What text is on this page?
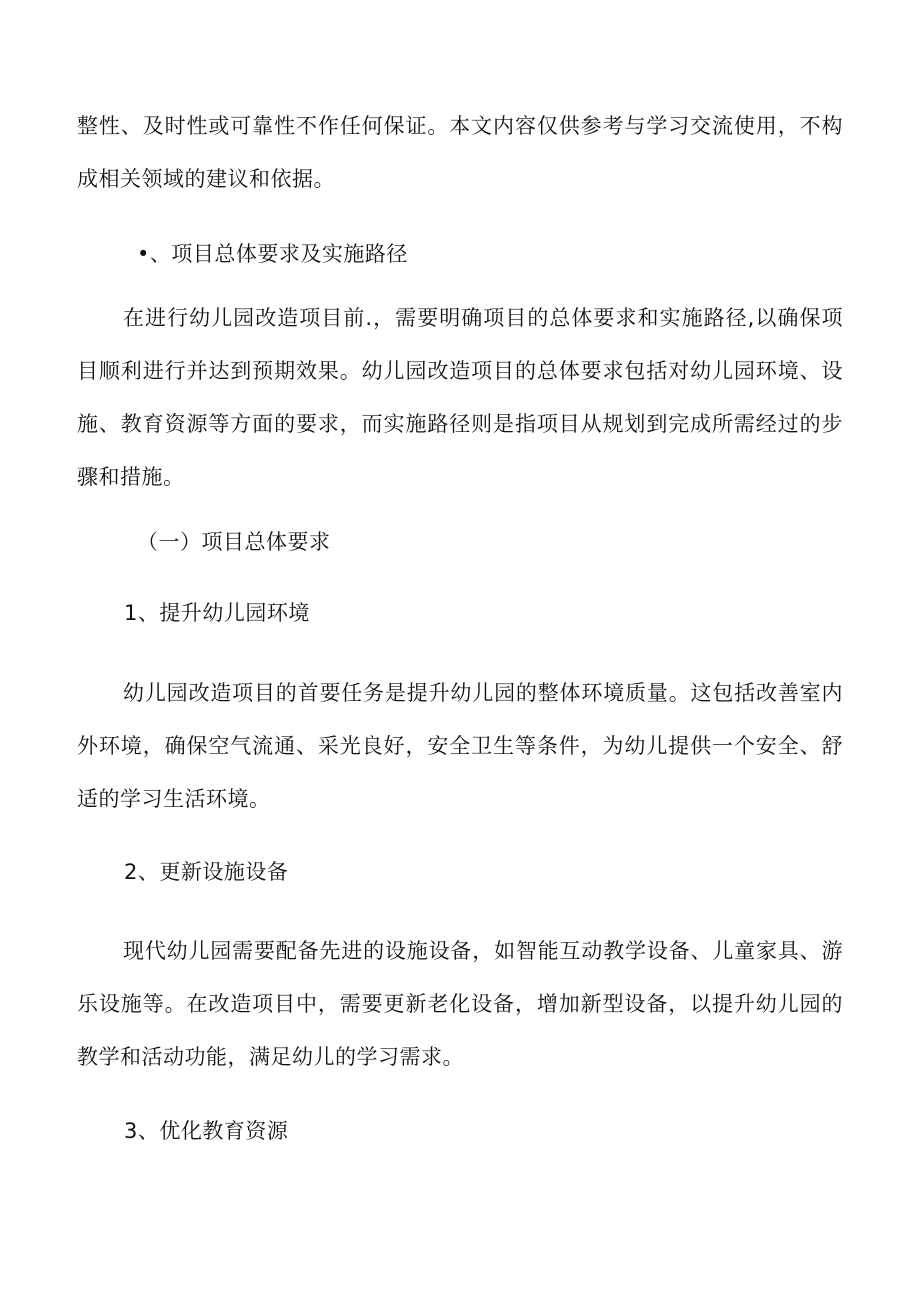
整性、及时性或可靠性不作任何保证。本文内容仅供参考与学习交流使用，不构成相关领域的建议和依据。

•、项目总体要求及实施路径

在进行幼儿园改造项目前.，需要明确项目的总体要求和实施路径,以确保项目顺利进行并达到预期效果。幼儿园改造项目的总体要求包括对幼儿园环境、设施、教育资源等方面的要求，而实施路径则是指项目从规划到完成所需经过的步骤和措施。

（一）项目总体要求

1、提升幼儿园环境

幼儿园改造项目的首要任务是提升幼儿园的整体环境质量。这包括改善室内外环境，确保空气流通、采光良好，安全卫生等条件，为幼儿提供一个安全、舒适的学习生活环境。

2、更新设施设备

现代幼儿园需要配备先进的设施设备，如智能互动教学设备、儿童家具、游乐设施等。在改造项目中，需要更新老化设备，增加新型设备，以提升幼儿园的教学和活动功能，满足幼儿的学习需求。

3、优化教育资源
